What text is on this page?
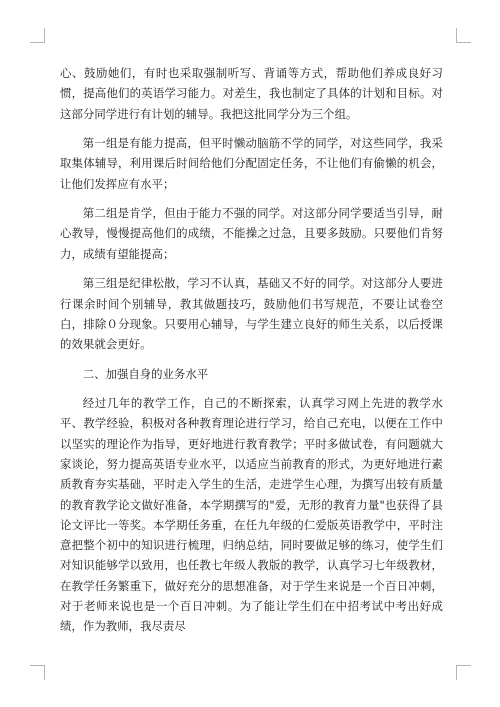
心、鼓励她们，有时也采取强制听写、背诵等方式，帮助他们养成良好习惯，提高他们的英语学习能力。对差生，我也制定了具体的计划和目标。对这部分同学进行有计划的辅导。我把这批同学分为三个组。

第一组是有能力提高，但平时懒动脑筋不学的同学，对这些同学，我采取集体辅导，利用课后时间给他们分配固定任务，不让他们有偷懒的机会，让他们发挥应有水平；

第二组是肯学，但由于能力不强的同学。对这部分同学要适当引导，耐心教导，慢慢提高他们的成绩，不能操之过急，且要多鼓励。只要他们肯努力，成绩有望能提高；

第三组是纪律松散，学习不认真，基础又不好的同学。对这部分人要进行课余时间个别辅导，教其做题技巧，鼓励他们书写规范，不要让试卷空白，排除０分现象。只要用心辅导，与学生建立良好的师生关系，以后授课的效果就会更好。

二、加强自身的业务水平

经过几年的教学工作，自己的不断探索，认真学习网上先进的教学水平、教学经验，积极对各种教育理论进行学习，给自己充电，以便在工作中以坚实的理论作为指导，更好地进行教育教学；平时多做试卷，有问题就大家谈论，努力提高英语专业水平，以适应当前教育的形式，为更好地进行素质教育夯实基础，平时走入学生的生活，走进学生心理，为撰写出较有质量的教育教学论文做好准备，本学期撰写的"爱，无形的教育力量"也获得了县论文评比一等奖。本学期任务重，在任九年级的仁爱版英语教学中，平时注意把整个初中的知识进行梳理，归纳总结，同时要做足够的练习，使学生们对知识能够学以致用，也任教七年级人教版的教学，认真学习七年级教材，在教学任务繁重下，做好充分的思想准备，对于学生来说是一个百日冲刺，对于老师来说也是一个百日冲刺。为了能让学生们在中招考试中考出好成绩，作为教师，我尽责尽
